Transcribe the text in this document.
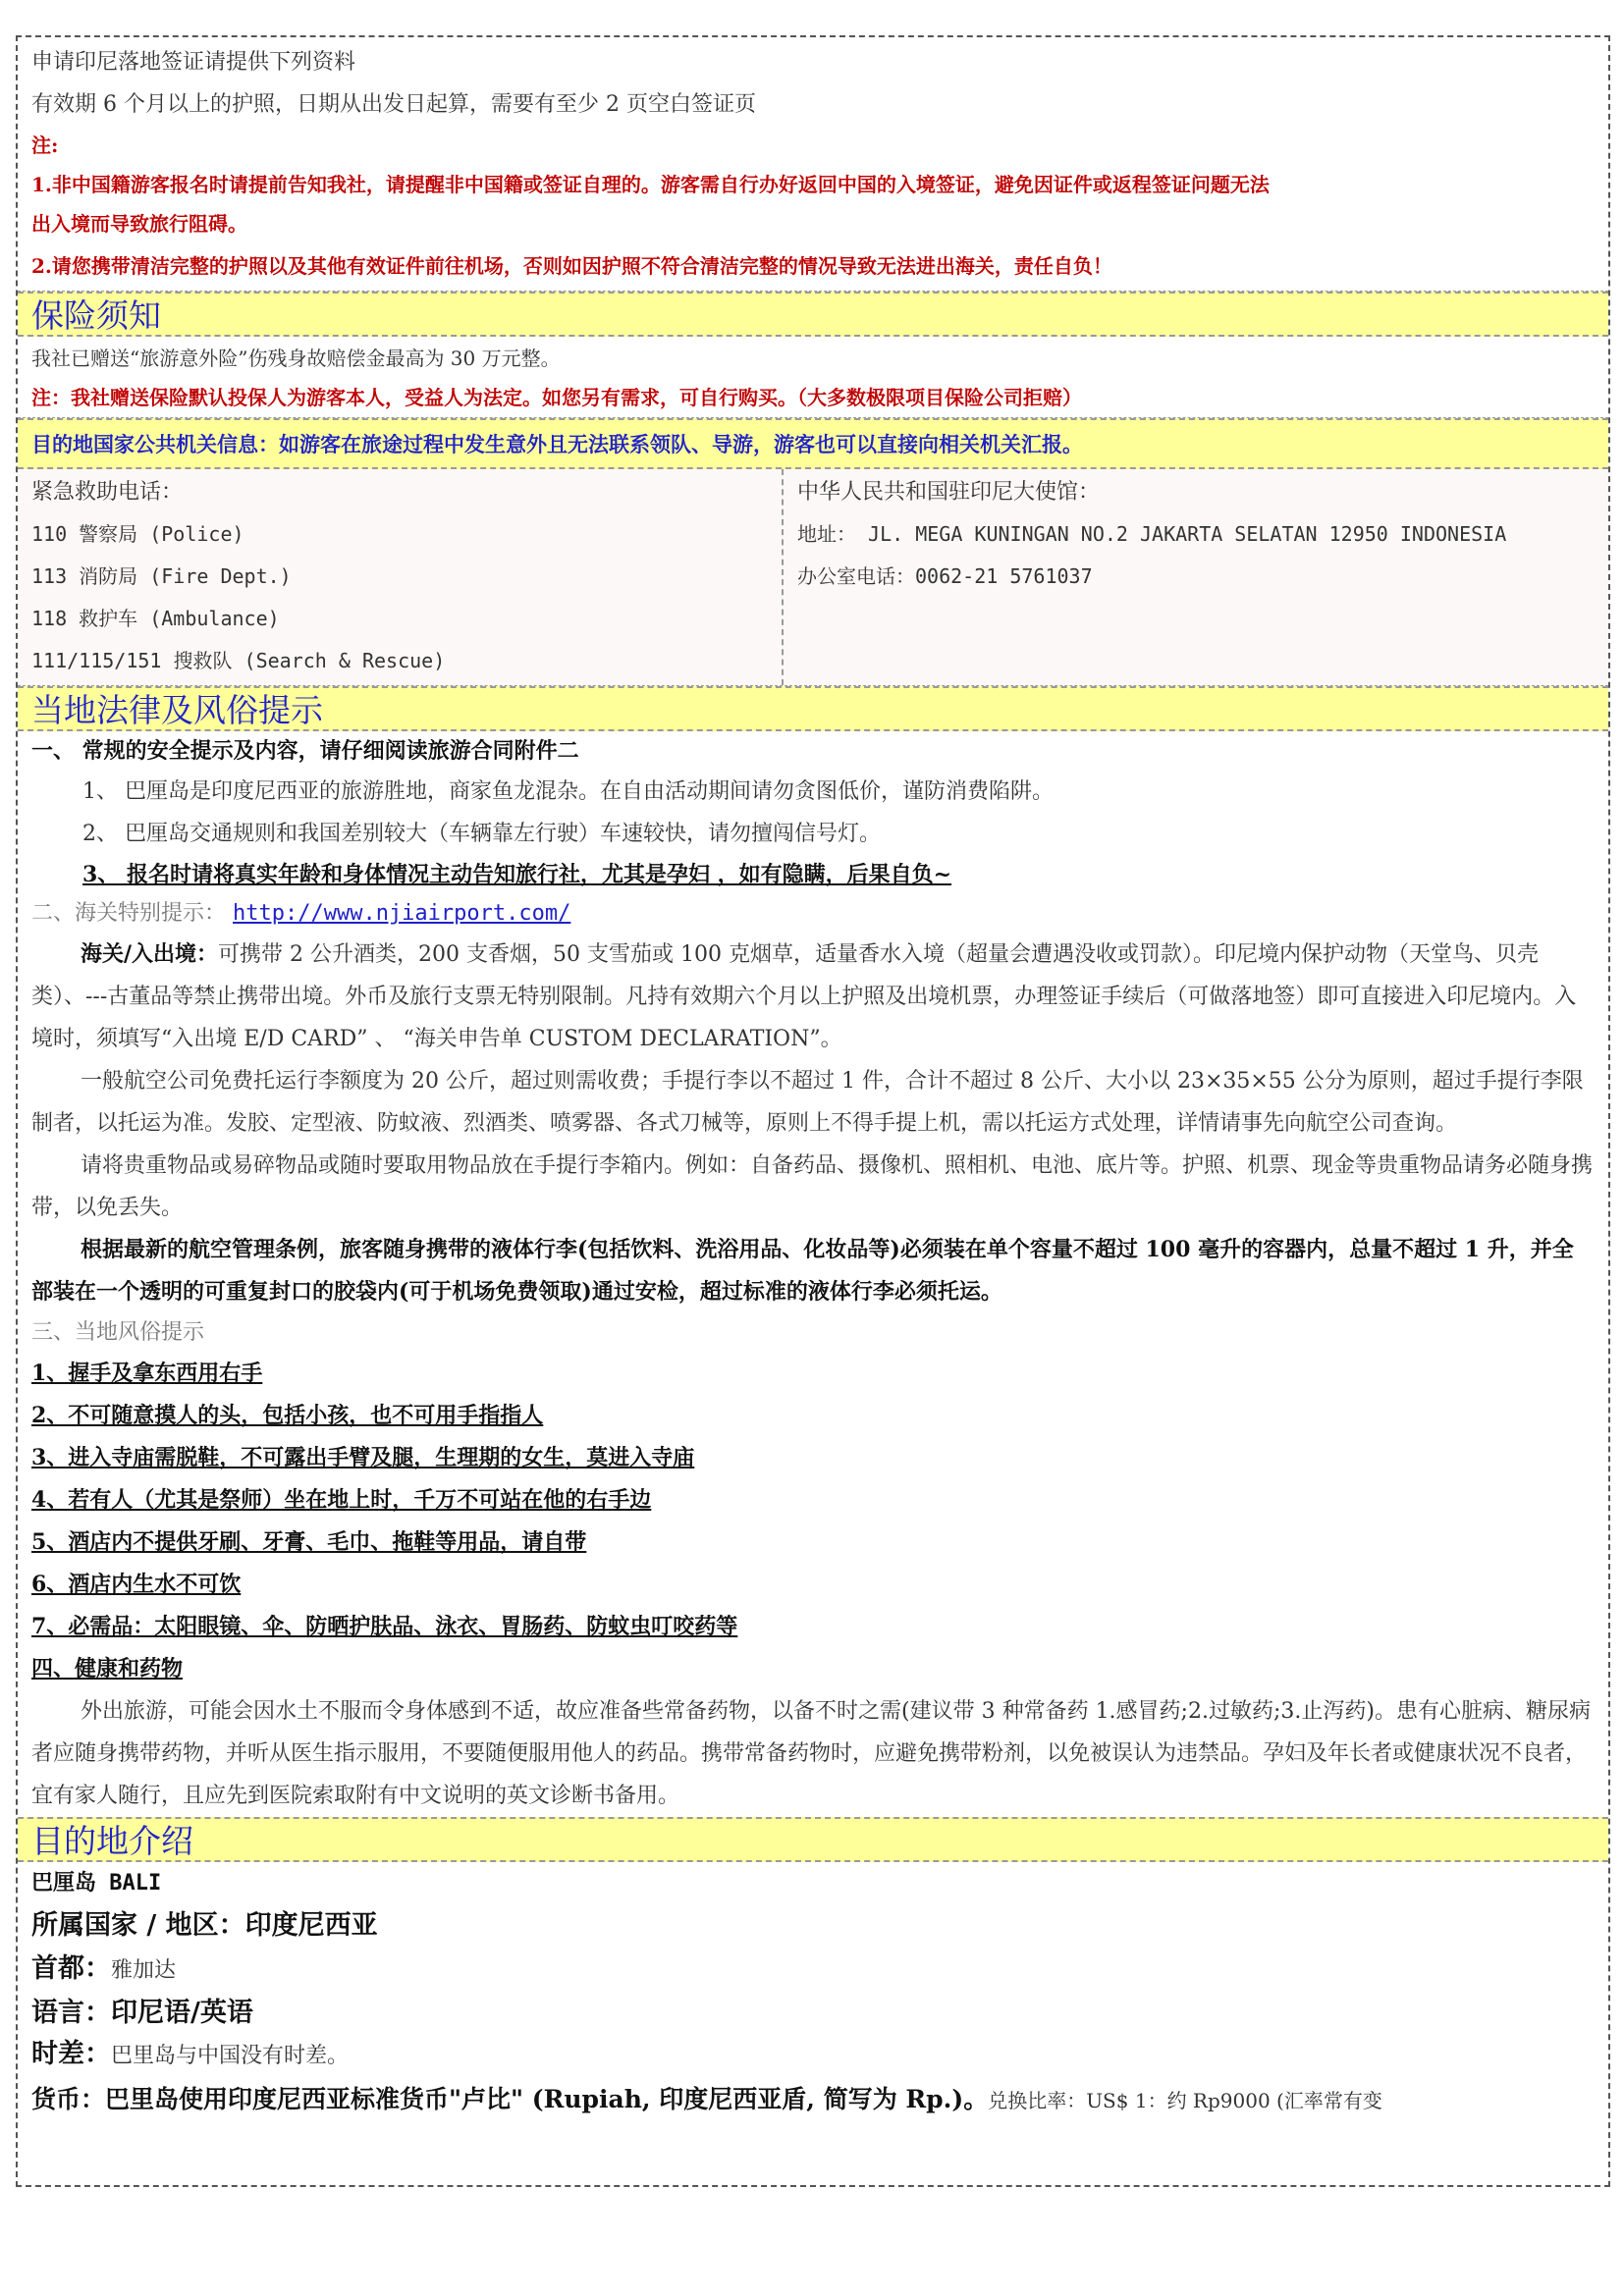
申请印尼落地签证请提供下列资料
有效期 6 个月以上的护照，日期从出发日起算，需要有至少 2 页空白签证页
注:
1.非中国籍游客报名时请提前告知我社，请提醒非中国籍或签证自理的。游客需自行办好返回中国的入境签证，避免因证件或返程签证问题无法
出入境而导致旅行阻碍。
2.请您携带清洁完整的护照以及其他有效证件前往机场，否则如因护照不符合清洁完整的情况导致无法进出海关，责任自负！
保险须知
我社已赠送“旅游意外险”伤残身故赔偿金最高为 30 万元整。
注：我社赠送保险默认投保人为游客本人，受益人为法定。如您另有需求，可自行购买。（大多数极限项目保险公司拒赔）
目的地国家公共机关信息：如游客在旅途过程中发生意外且无法联系领队、导游，游客也可以直接向相关机关汇报。
紧急救助电话：
110 警察局 (Police)
113 消防局 (Fire Dept.)
118 救护车 (Ambulance)
111/115/151 搜救队 (Search & Rescue)
中华人民共和国驻印尼大使馆：
地址： JL. MEGA KUNINGAN NO.2 JAKARTA SELATAN 12950 INDONESIA
办公室电话：0062-21 5761037
当地法律及风俗提示
一、 常规的安全提示及内容，请仔细阅读旅游合同附件二
1、 巴厘岛是印度尼西亚的旅游胜地，商家鱼龙混杂。在自由活动期间请勿贪图低价，谨防消费陷阱。
2、 巴厘岛交通规则和我国差别较大（车辆靠左行驶）车速较快，请勿擅闯信号灯。
3、 报名时请将真实年龄和身体情况主动告知旅行社，尤其是孕妇 ，如有隐瞒，后果自负~
二、海关特别提示： http://www.njiairport.com/
海关/入出境：可携带 2 公升酒类，200 支香烟，50 支雪茄或 100 克烟草，适量香水入境（超量会遭遇没收或罚款）。印尼境内保护动物（天堂鸟、贝壳类）、---古董品等禁止携带出境。外币及旅行支票无特别限制。凡持有效期六个月以上护照及出境机票，办理签证手续后（可做落地签）即可直接进入印尼境内。入境时，须填写“入出境 E/D CARD” 、 “海关申告单 CUSTOM DECLARATION”。
一般航空公司免费托运行李额度为 20 公斤，超过则需收费；手提行李以不超过 1 件，合计不超过 8 公斤、大小以 23×35×55 公分为原则，超过手提行李限制者，以托运为准。发胶、定型液、防蚊液、烈酒类、喷雾器、各式刀械等，原则上不得手提上机，需以托运方式处理，详情请事先向航空公司查询。
请将贵重物品或易碎物品或随时要取用物品放在手提行李箱内。例如：自备药品、摄像机、照相机、电池、底片等。护照、机票、现金等贵重物品请务必随身携带，以免丢失。
根据最新的航空管理条例，旅客随身携带的液体行李(包括饮料、洗浴用品、化妆品等)必须装在单个容量不超过 100 毫升的容器内，总量不超过 1 升，并全部装在一个透明的可重复封口的胶袋内(可于机场免费领取)通过安检，超过标准的液体行李必须托运。
三、当地风俗提示
1、握手及拿东西用右手
2、不可随意摸人的头，包括小孩，也不可用手指指人
3、进入寺庙需脱鞋，不可露出手臂及腿，生理期的女生，莫进入寺庙
4、若有人（尤其是祭师）坐在地上时，千万不可站在他的右手边
5、酒店内不提供牙刷、牙膏、毛巾、拖鞋等用品，请自带
6、酒店内生水不可饮
7、必需品：太阳眼镜、伞、防晒护肤品、泳衣、胃肠药、防蚊虫叮咬药等
四、健康和药物
外出旅游，可能会因水土不服而令身体感到不适，故应准备些常备药物，以备不时之需(建议带 3 种常备药 1.感冒药;2.过敏药;3.止泻药)。患有心脏病、糖尿病者应随身携带药物，并听从医生指示服用，不要随便服用他人的药品。携带常备药物时，应避免携带粉剂，以免被误认为违禁品。孕妇及年长者或健康状况不良者，宜有家人随行，且应先到医院索取附有中文说明的英文诊断书备用。
目的地介绍
巴厘岛 BALI
所属国家 / 地区：印度尼西亚
首都：雅加达
语言：印尼语/英语
时差：巴里岛与中国没有时差。
货币：巴里岛使用印度尼西亚标准货币"卢比" (Rupiah, 印度尼西亚盾, 简写为 Rp.)。兑换比率：US$ 1：约 Rp9000 (汇率常有变
